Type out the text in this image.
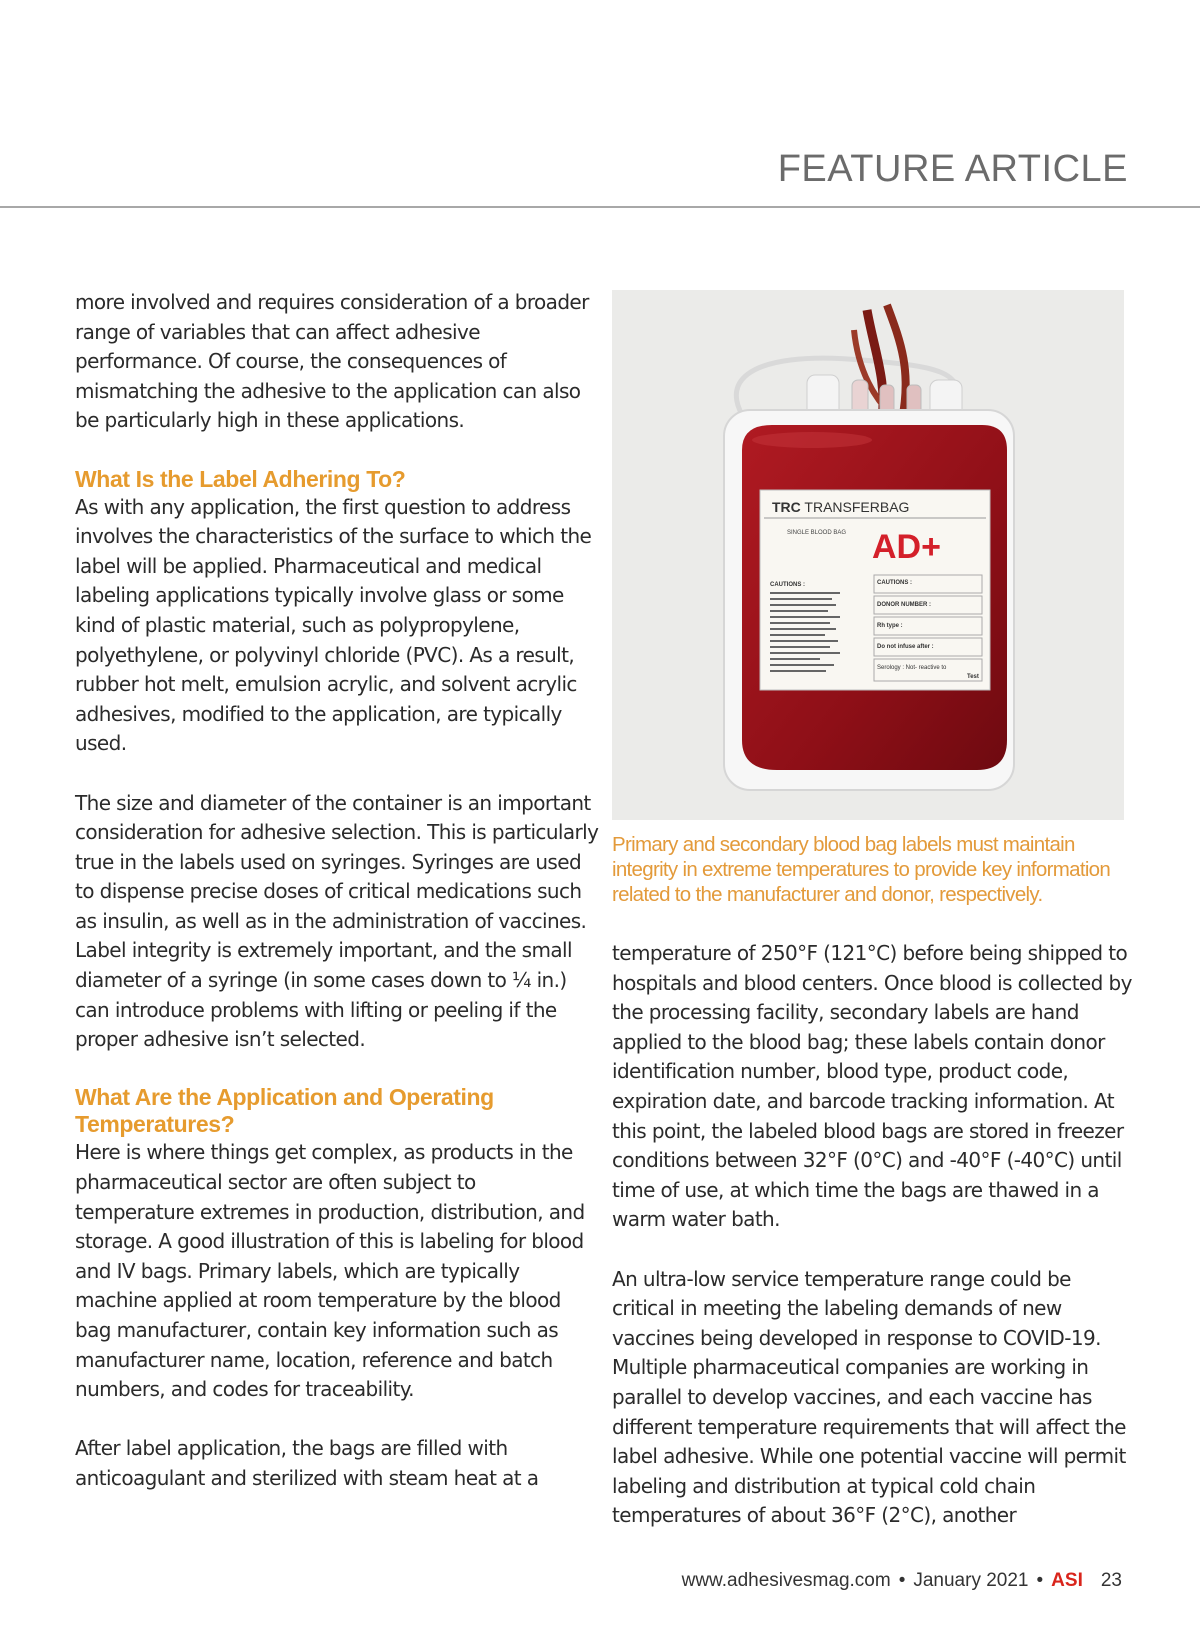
FEATURE ARTICLE

more involved and requires consideration of a broader range of variables that can affect adhesive performance. Of course, the consequences of mismatching the adhesive to the application can also be particularly high in these applications.

What Is the Label Adhering To?

As with any application, the first question to address involves the characteristics of the surface to which the label will be applied. Pharmaceutical and medical labeling applications typically involve glass or some kind of plastic material, such as polypropylene, polyethylene, or polyvinyl chloride (PVC). As a result, rubber hot melt, emulsion acrylic, and solvent acrylic adhesives, modified to the application, are typically used.

The size and diameter of the container is an important consideration for adhesive selection. This is particularly true in the labels used on syringes. Syringes are used to dispense precise doses of critical medications such as insulin, as well as in the administration of vaccines. Label integrity is extremely important, and the small diameter of a syringe (in some cases down to ¼ in.) can introduce problems with lifting or peeling if the proper adhesive isn’t selected.

What Are the Application and Operating Temperatures?

Here is where things get complex, as products in the pharmaceutical sector are often subject to temperature extremes in production, distribution, and storage. A good illustration of this is labeling for blood and IV bags. Primary labels, which are typically machine applied at room temperature by the blood bag manufacturer, contain key information such as manufacturer name, location, reference and batch numbers, and codes for traceability.

After label application, the bags are filled with anticoagulant and sterilized with steam heat at a

TRC TRANSFERBAG
SINGLE BLOOD BAG AD+
CAUTIONS :	CAUTIONS :
DONOR NUMBER :
Rh type :
Do not infuse after :
Serology : Not- reactive to
Test
Primary and secondary blood bag labels must maintain integrity in extreme temperatures to provide key information related to the manufacturer and donor, respectively.

temperature of 250°F (121°C) before being shipped to hospitals and blood centers. Once blood is collected by the processing facility, secondary labels are hand applied to the blood bag; these labels contain donor identification number, blood type, product code, expiration date, and barcode tracking information. At this point, the labeled blood bags are stored in freezer conditions between 32°F (0°C) and -40°F (-40°C) until time of use, at which time the bags are thawed in a warm water bath.

An ultra-low service temperature range could be critical in meeting the labeling demands of new vaccines being developed in response to COVID-19. Multiple pharmaceutical companies are working in parallel to develop vaccines, and each vaccine has different temperature requirements that will affect the label adhesive. While one potential vaccine will permit labeling and distribution at typical cold chain temperatures of about 36°F (2°C), another

www.adhesivesmag.com • January 2021 • ASI 23
